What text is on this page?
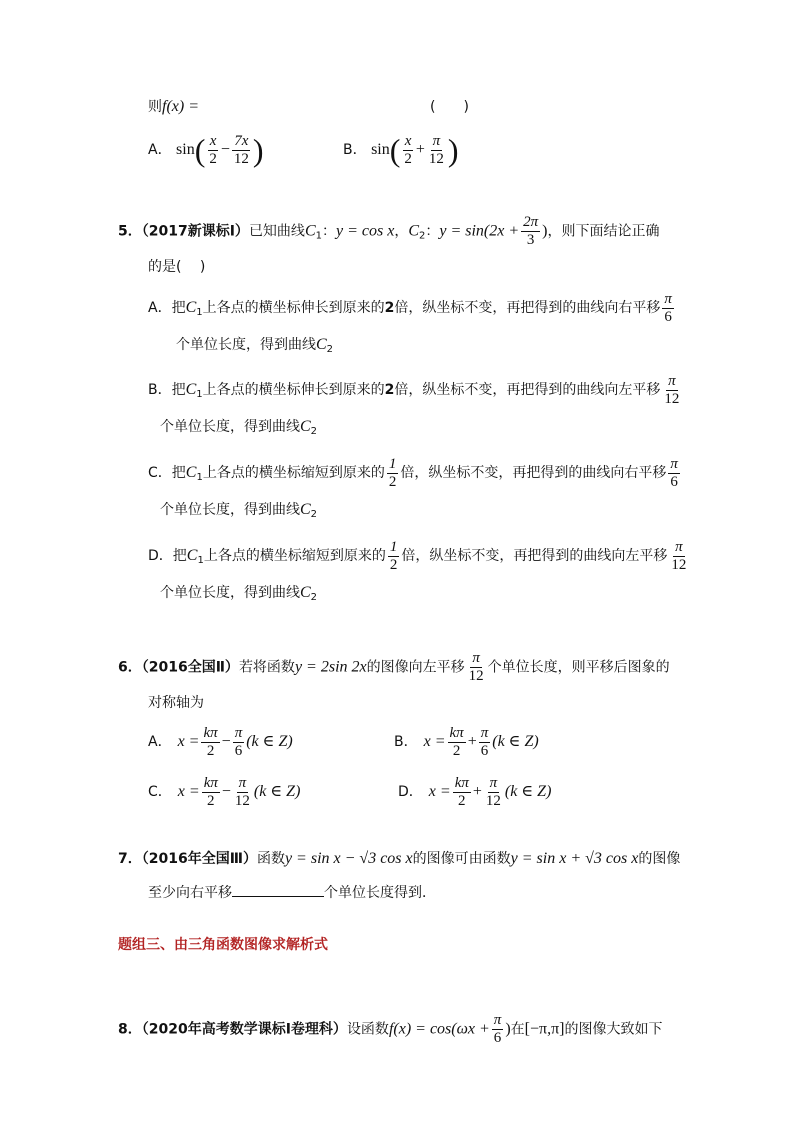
则f(x) =	(　　)
A． $\sin( \frac{x}{2} - \frac{7x}{12}$ )	B． $\sin( \frac{x}{2} + \frac{\pi}{12}$ )
5．（2017新课标Ⅰ）已知曲线$C_1$：y = cos x，$C_2$：$y = \sin(2x + \frac{2\pi}{3}$ )，则下面结论正确
的是(　 )
A．把$C_1$上各点的横坐标伸长到原来的2倍，纵坐标不变，再把得到的曲线向右平移 $\frac{\pi}{6}$
个单位长度，得到曲线$C_2$
B．把$C_1$上各点的横坐标伸长到原来的2倍，纵坐标不变，再把得到的曲线向左平移 $\frac{\pi}{12}$
个单位长度，得到曲线$C_2$
C．把$C_1$上各点的横坐标缩短到原来的 $\frac{1}{2}$ 倍，纵坐标不变，再把得到的曲线向右平移 $\frac{\pi}{6}$
个单位长度，得到曲线$C_2$
D．把$C_1$上各点的横坐标缩短到原来的 $\frac{1}{2}$ 倍，纵坐标不变，再把得到的曲线向左平移 $\frac{\pi}{12}$
个单位长度，得到曲线$C_2$
6．（2016全国Ⅱ）若将函数y = 2sin 2x的图像向左平移 $\frac{\pi}{12}$ 个单位长度，则平移后图象的
对称轴为
A． $x = \frac{k\pi}{2} - \frac{\pi}{6} (k$ ∈ Z)	B． $x = \frac{k\pi}{2} + \frac{\pi}{6} (k$ ∈ Z)
C． $x = \frac{k\pi}{2} - \frac{\pi}{12} (k$ ∈ Z)	D． $x = \frac{k\pi}{2} + \frac{\pi}{12} (k$ ∈ Z)
7．（2016年全国Ⅲ）函数y = sin x − √3 cos x的图像可由函数y = sin x + √3 cos x的图像
至少向右平移	个单位长度得到．
题组三、由三角函数图像求解析式
8．（2020年高考数学课标Ⅰ卷理科）设函数$f(x) = \cos(\omega x + \frac{\pi}{6}$ )在[−π,π]的图像大致如下
